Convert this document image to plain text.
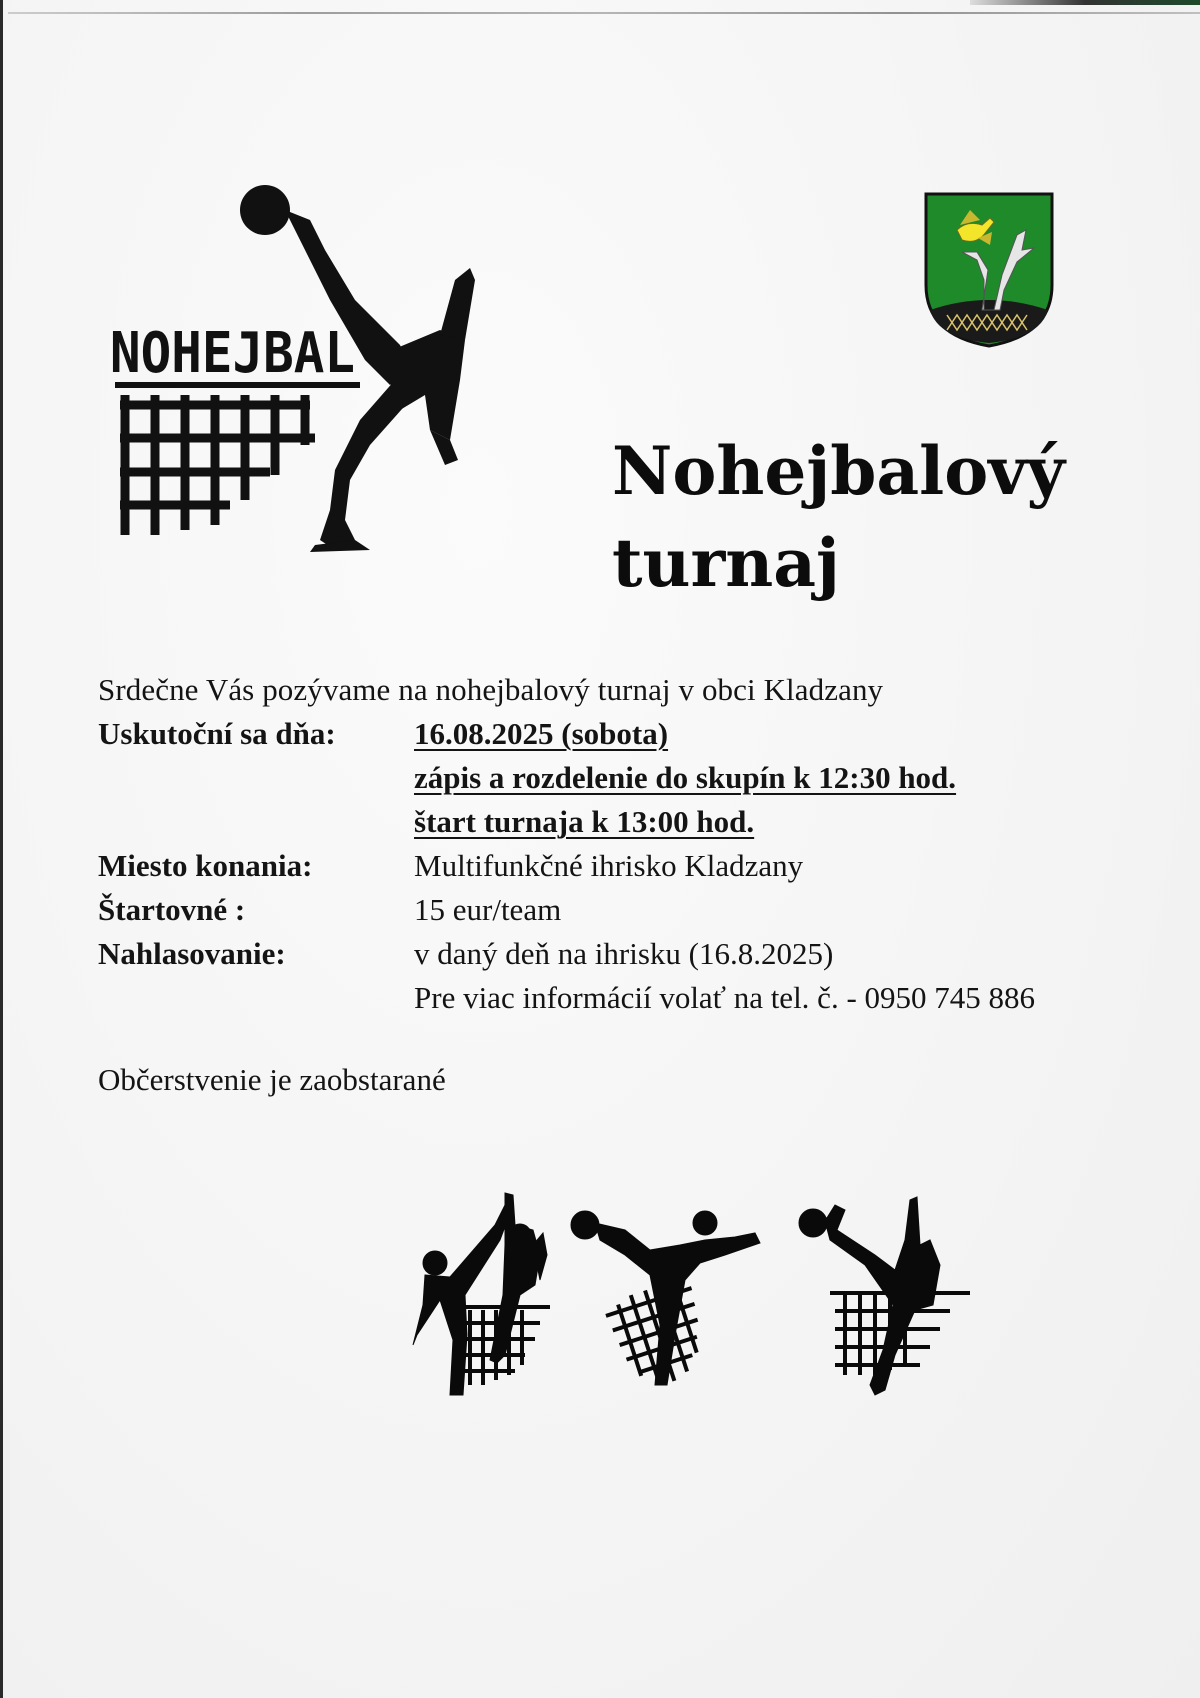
NOHEJBAL
Nohejbalový
turnaj
Srdečne Vás pozývame na nohejbalový turnaj v obci Kladzany
Uskutoční sa dňa:	16.08.2025 (sobota)
zápis a rozdelenie do skupín k 12:30 hod.
štart turnaja k 13:00 hod.
Miesto konania:	Multifunkčné ihrisko Kladzany
Štartovné :	15 eur/team
Nahlasovanie:	v daný deň na ihrisku (16.8.2025)
Pre viac informácií volať na tel. č. - 0950 745 886
Občerstvenie je zaobstarané
